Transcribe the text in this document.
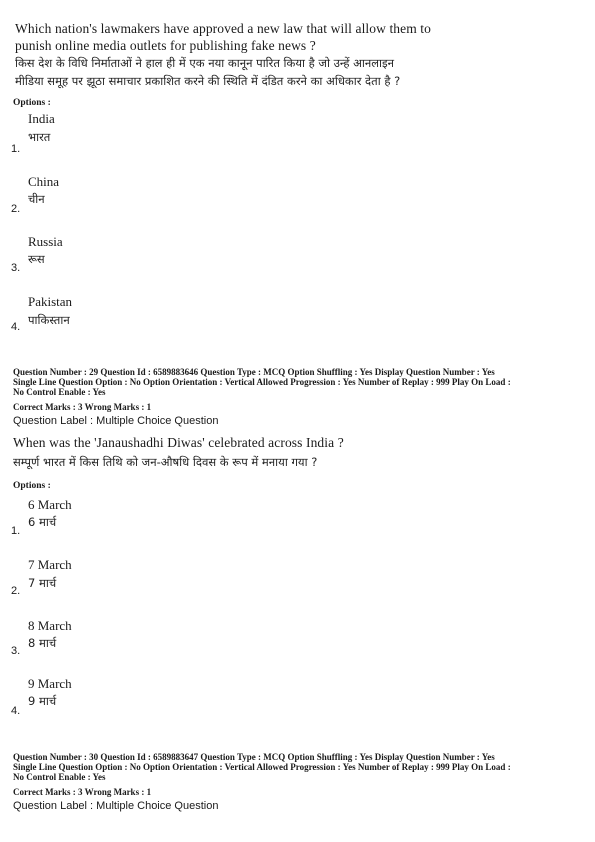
Which nation's lawmakers have approved a new law that will allow them to
punish online media outlets for publishing fake news ?
किस देश के विधि निर्माताओं ने हाल ही में एक नया कानून पारित किया है जो उन्हें आनलाइन
मीडिया समूह पर झूठा समाचार प्रकाशित करने की स्थिति में दंडित करने का अधिकार देता है ?
Options :
India
भारत
1.
China
चीन
2.
Russia
रूस
3.
Pakistan
पाकिस्तान
4.
Question Number : 29 Question Id : 6589883646 Question Type : MCQ Option Shuffling : Yes Display Question Number : Yes
Single Line Question Option : No Option Orientation : Vertical Allowed Progression : Yes Number of Replay : 999 Play On Load :
No Control Enable : Yes
Correct Marks : 3 Wrong Marks : 1
Question Label : Multiple Choice Question
When was the 'Janaushadhi Diwas' celebrated across India ?
सम्पूर्ण भारत में किस तिथि को जन-औषधि दिवस के रूप में मनाया गया ?
Options :
6 March
6 मार्च
1.
7 March
7 मार्च
2.
8 March
8 मार्च
3.
9 March
9 मार्च
4.
Question Number : 30 Question Id : 6589883647 Question Type : MCQ Option Shuffling : Yes Display Question Number : Yes
Single Line Question Option : No Option Orientation : Vertical Allowed Progression : Yes Number of Replay : 999 Play On Load :
No Control Enable : Yes
Correct Marks : 3 Wrong Marks : 1
Question Label : Multiple Choice Question
